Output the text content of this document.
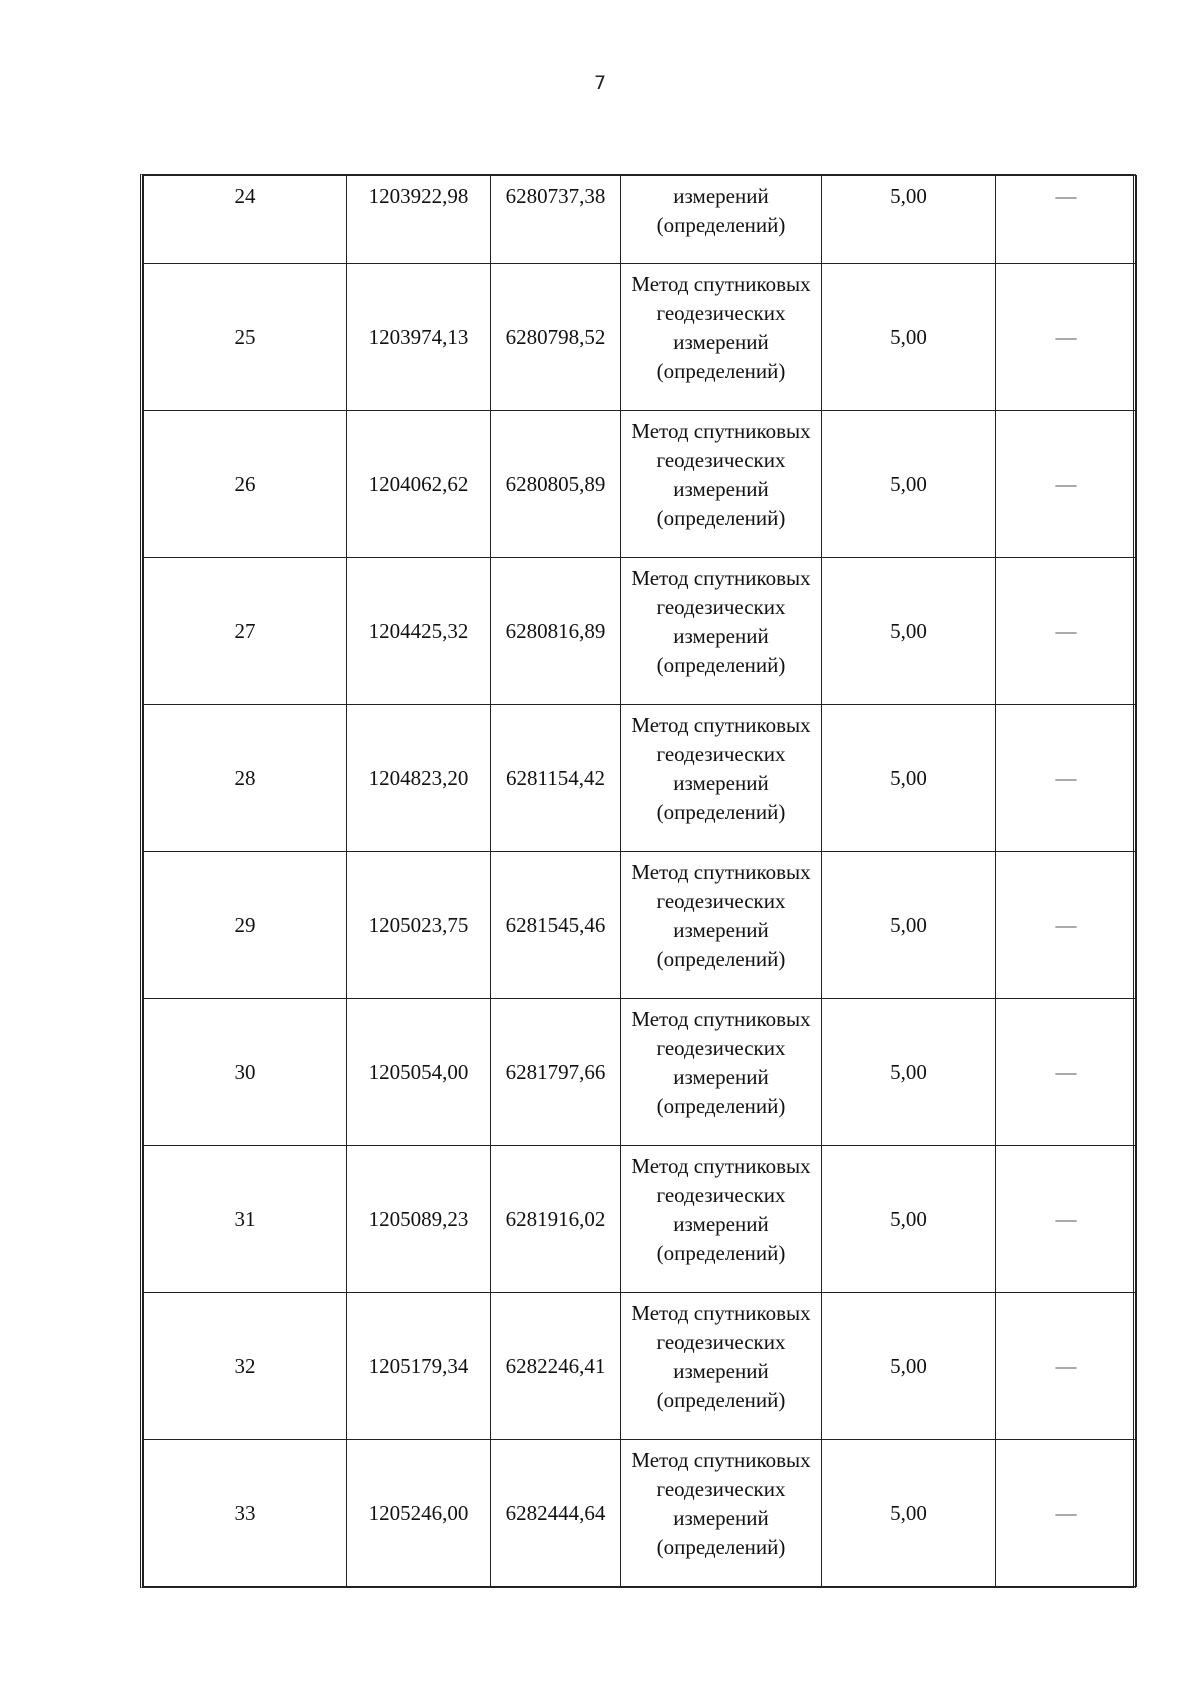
7
24	1203922,98	6280737,38	измерений
(определений)	5,00	—
25	1203974,13	6280798,52	Метод спутниковых
геодезических
измерений
(определений)	5,00	—
26	1204062,62	6280805,89	Метод спутниковых
геодезических
измерений
(определений)	5,00	—
27	1204425,32	6280816,89	Метод спутниковых
геодезических
измерений
(определений)	5,00	—
28	1204823,20	6281154,42	Метод спутниковых
геодезических
измерений
(определений)	5,00	—
29	1205023,75	6281545,46	Метод спутниковых
геодезических
измерений
(определений)	5,00	—
30	1205054,00	6281797,66	Метод спутниковых
геодезических
измерений
(определений)	5,00	—
31	1205089,23	6281916,02	Метод спутниковых
геодезических
измерений
(определений)	5,00	—
32	1205179,34	6282246,41	Метод спутниковых
геодезических
измерений
(определений)	5,00	—
33	1205246,00	6282444,64	Метод спутниковых
геодезических
измерений
(определений)	5,00	—
